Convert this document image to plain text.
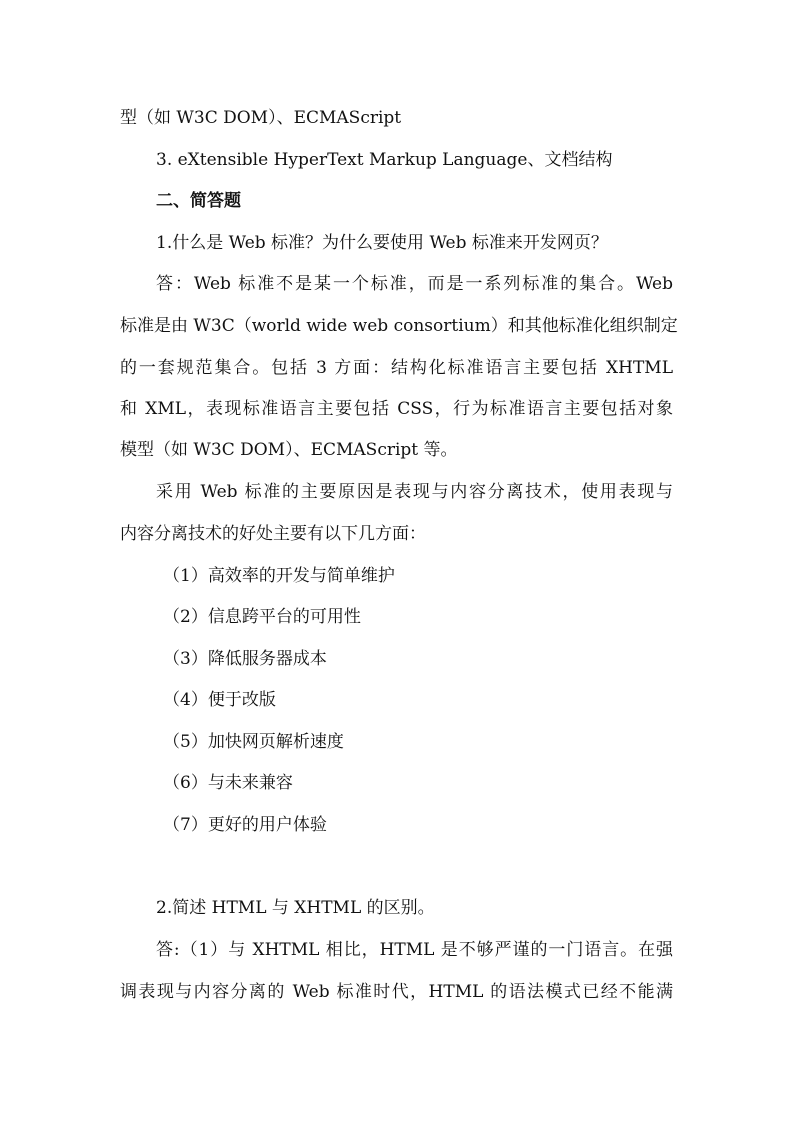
型（如 W3C DOM）、ECMAScript
3. eXtensible HyperText Markup Language、文档结构
二、简答题
1.什么是 Web 标准？为什么要使用 Web 标准来开发网页？
答：Web 标准不是某一个标准，而是一系列标准的集合。Web
标准是由 W3C（world wide web consortium）和其他标准化组织制定
的一套规范集合。包括 3 方面：结构化标准语言主要包括 XHTML
和 XML，表现标准语言主要包括 CSS，行为标准语言主要包括对象
模型（如 W3C DOM）、ECMAScript 等。
采用 Web 标准的主要原因是表现与内容分离技术，使用表现与
内容分离技术的好处主要有以下几方面：
（1）高效率的开发与简单维护
（2）信息跨平台的可用性
（3）降低服务器成本
（4）便于改版
（5）加快网页解析速度
（6）与未来兼容
（7）更好的用户体验
2.简述 HTML 与 XHTML 的区别。
答:（1）与 XHTML 相比，HTML 是不够严谨的一门语言。在强
调表现与内容分离的 Web 标准时代，HTML 的语法模式已经不能满
